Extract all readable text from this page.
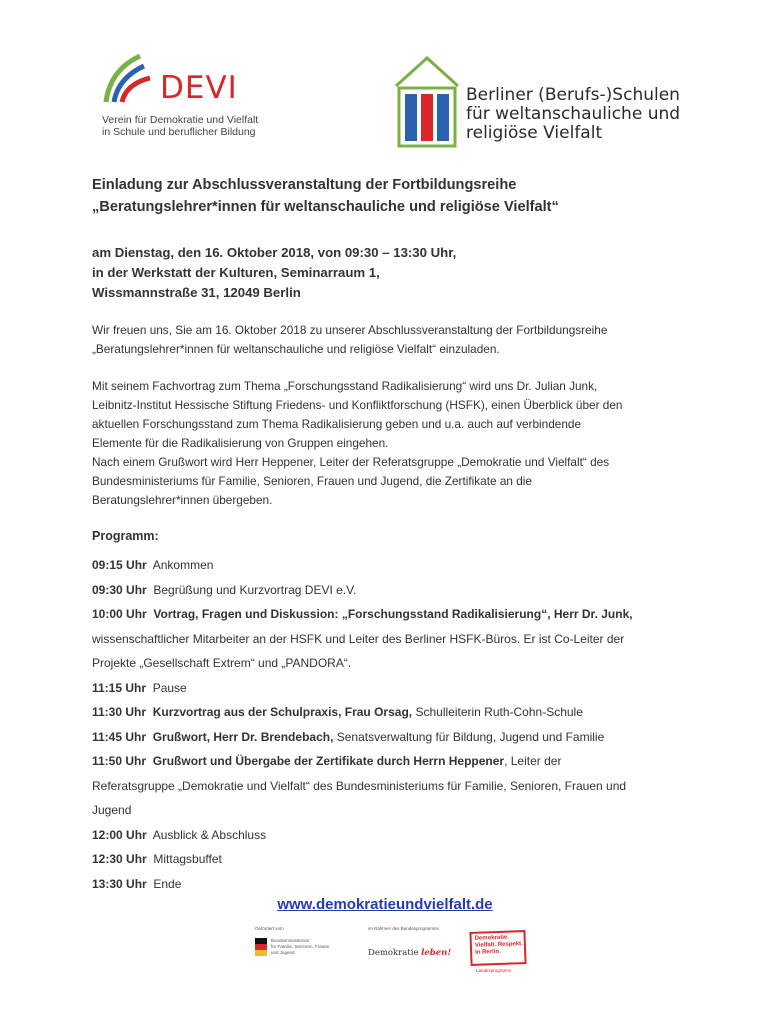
DEVI
Verein für Demokratie und Vielfalt
in Schule und beruflicher Bildung
Berliner (Berufs-)Schulen
für weltanschauliche und
religiöse Vielfalt
Einladung zur Abschlussveranstaltung der Fortbildungsreihe
„Beratungslehrer*innen für weltanschauliche und religiöse Vielfalt“
am Dienstag, den 16. Oktober 2018, von 09:30 – 13:30 Uhr,
in der Werkstatt der Kulturen, Seminarraum 1,
Wissmannstraße 31, 12049 Berlin

Wir freuen uns, Sie am 16. Oktober 2018 zu unserer Abschlussveranstaltung der Fortbildungsreihe

„Beratungslehrer*innen für weltanschauliche und religiöse Vielfalt“ einzuladen.

Mit seinem Fachvortrag zum Thema „Forschungsstand Radikalisierung“ wird uns Dr. Julian Junk,

Leibnitz-Institut Hessische Stiftung Friedens- und Konfliktforschung (HSFK), einen Überblick über den

aktuellen Forschungsstand zum Thema Radikalisierung geben und u.a. auch auf verbindende

Elemente für die Radikalisierung von Gruppen eingehen.

Nach einem Grußwort wird Herr Heppener, Leiter der Referatsgruppe „Demokratie und Vielfalt“ des

Bundesministeriums für Familie, Senioren, Frauen und Jugend, die Zertifikate an die

Beratungslehrer*innen übergeben.

Programm:
09:15 Uhr Ankommen
09:30 Uhr Begrüßung und Kurzvortrag DEVI e.V.
10:00 Uhr Vortrag, Fragen und Diskussion: „Forschungsstand Radikalisierung“, Herr Dr. Junk,
wissenschaftlicher Mitarbeiter an der HSFK und Leiter des Berliner HSFK-Büros. Er ist Co-Leiter der
Projekte „Gesellschaft Extrem“ und „PANDORA“.
11:15 Uhr Pause
11:30 Uhr Kurzvortrag aus der Schulpraxis, Frau Orsag, Schulleiterin Ruth-Cohn-Schule
11:45 Uhr Grußwort, Herr Dr. Brendebach, Senatsverwaltung für Bildung, Jugend und Familie
11:50 Uhr Grußwort und Übergabe der Zertifikate durch Herrn Heppener, Leiter der
Referatsgruppe „Demokratie und Vielfalt“ des Bundesministeriums für Familie, Senioren, Frauen und
Jugend
12:00 Uhr Ausblick & Abschluss
12:30 Uhr Mittagsbuffet
13:30 Uhr Ende
www.demokratieundvielfalt.de
Gefördert vom
Bundesministerium
für Familie, Senioren, Frauen
und Jugend
im Rahmen des Bundesprogramms
Demokratie leben!
Demokratie.
Vielfalt. Respekt.
In Berlin.
Landesprogramm
